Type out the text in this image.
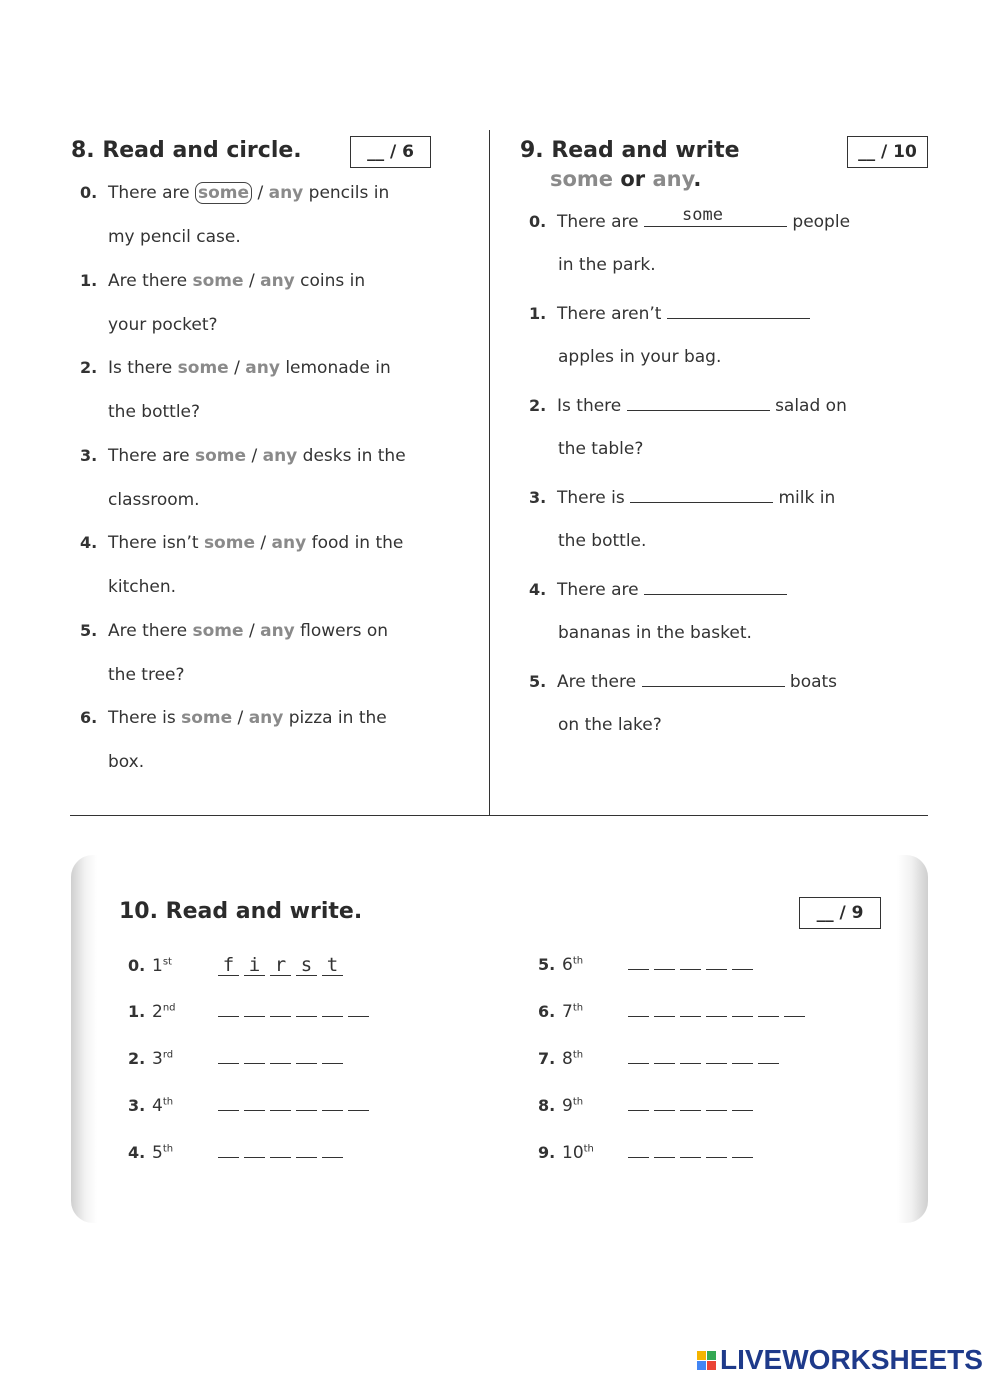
8. Read and circle.	__ / 6
0. There are some / any pencils in
my pencil case.
1. Are there some / any coins in
your pocket?
2. Is there some / any lemonade in
the bottle?
3. There are some / any desks in the
classroom.
4. There isn’t some / any food in the
kitchen.
5. Are there some / any flowers on
the tree?
6. There is some / any pizza in the
box.
9. Read and write
some or any.
__ / 10
0. There are	some	people
in the park.
1. There aren’t
apples in your bag.
2. Is there	salad on
the table?
3. There is	milk in
the bottle.
4. There are
bananas in the basket.
5. Are there	boats
on the lake?
10. Read and write.	__ / 9
0. 1st	f i r s t
1. 2nd
2. 3rd
3. 4th
4. 5th
5. 6th
6. 7th
7. 8th
8. 9th
9. 10th
LIVEWORKSHEETS
